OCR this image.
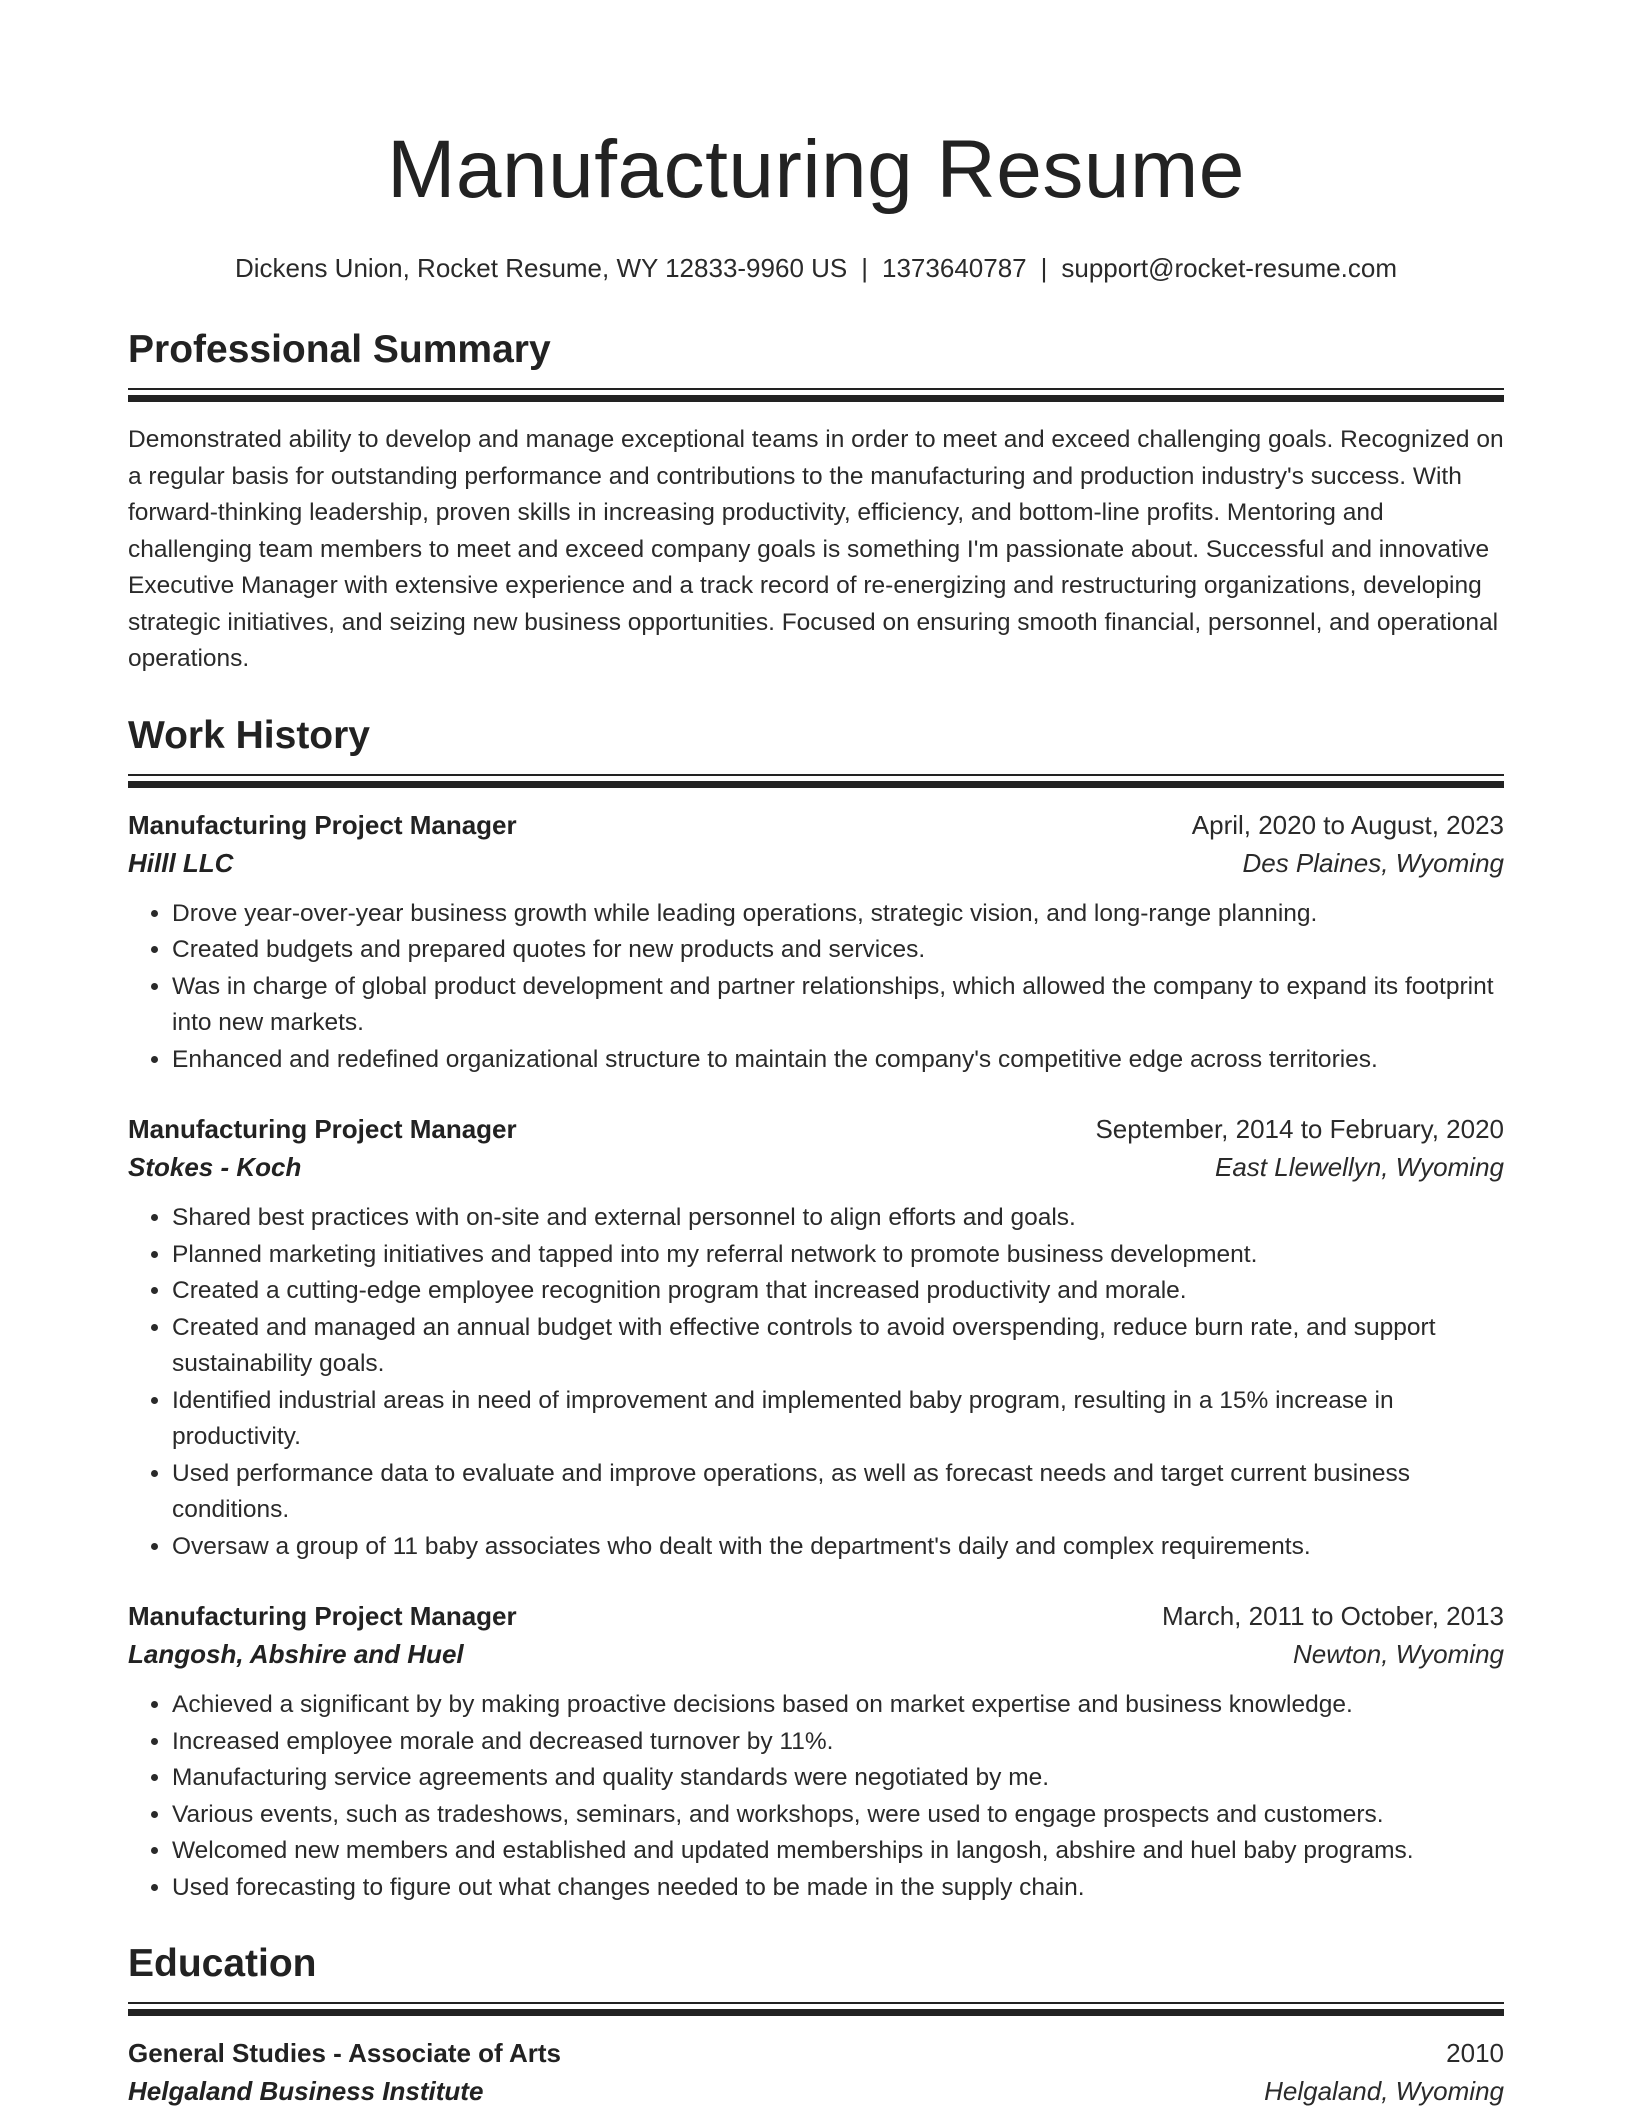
Manufacturing Resume
Dickens Union, Rocket Resume, WY 12833-9960 US | 1373640787 | support@rocket-resume.com
Professional Summary

Demonstrated ability to develop and manage exceptional teams in order to meet and exceed challenging goals. Recognized on a regular basis for outstanding performance and contributions to the manufacturing and production industry's success. With forward-thinking leadership, proven skills in increasing productivity, efficiency, and bottom-line profits. Mentoring and challenging team members to meet and exceed company goals is something I'm passionate about. Successful and innovative Executive Manager with extensive experience and a track record of re-energizing and restructuring organizations, developing strategic initiatives, and seizing new business opportunities. Focused on ensuring smooth financial, personnel, and operational operations.

Work History
Manufacturing Project Manager	April, 2020 to August, 2023
Hilll LLC	Des Plaines, Wyoming
• Drove year-over-year business growth while leading operations, strategic vision, and long-range planning.
• Created budgets and prepared quotes for new products and services.
• Was in charge of global product development and partner relationships, which allowed the company to expand its footprint into new markets.
• Enhanced and redefined organizational structure to maintain the company's competitive edge across territories.
Manufacturing Project Manager	September, 2014 to February, 2020
Stokes - Koch	East Llewellyn, Wyoming
• Shared best practices with on-site and external personnel to align efforts and goals.
• Planned marketing initiatives and tapped into my referral network to promote business development.
• Created a cutting-edge employee recognition program that increased productivity and morale.
• Created and managed an annual budget with effective controls to avoid overspending, reduce burn rate, and support sustainability goals.
• Identified industrial areas in need of improvement and implemented baby program, resulting in a 15% increase in productivity.
• Used performance data to evaluate and improve operations, as well as forecast needs and target current business conditions.
• Oversaw a group of 11 baby associates who dealt with the department's daily and complex requirements.
Manufacturing Project Manager	March, 2011 to October, 2013
Langosh, Abshire and Huel	Newton, Wyoming
• Achieved a significant by by making proactive decisions based on market expertise and business knowledge.
• Increased employee morale and decreased turnover by 11%.
• Manufacturing service agreements and quality standards were negotiated by me.
• Various events, such as tradeshows, seminars, and workshops, were used to engage prospects and customers.
• Welcomed new members and established and updated memberships in langosh, abshire and huel baby programs.
• Used forecasting to figure out what changes needed to be made in the supply chain.
Education
General Studies - Associate of Arts	2010
Helgaland Business Institute	Helgaland, Wyoming
